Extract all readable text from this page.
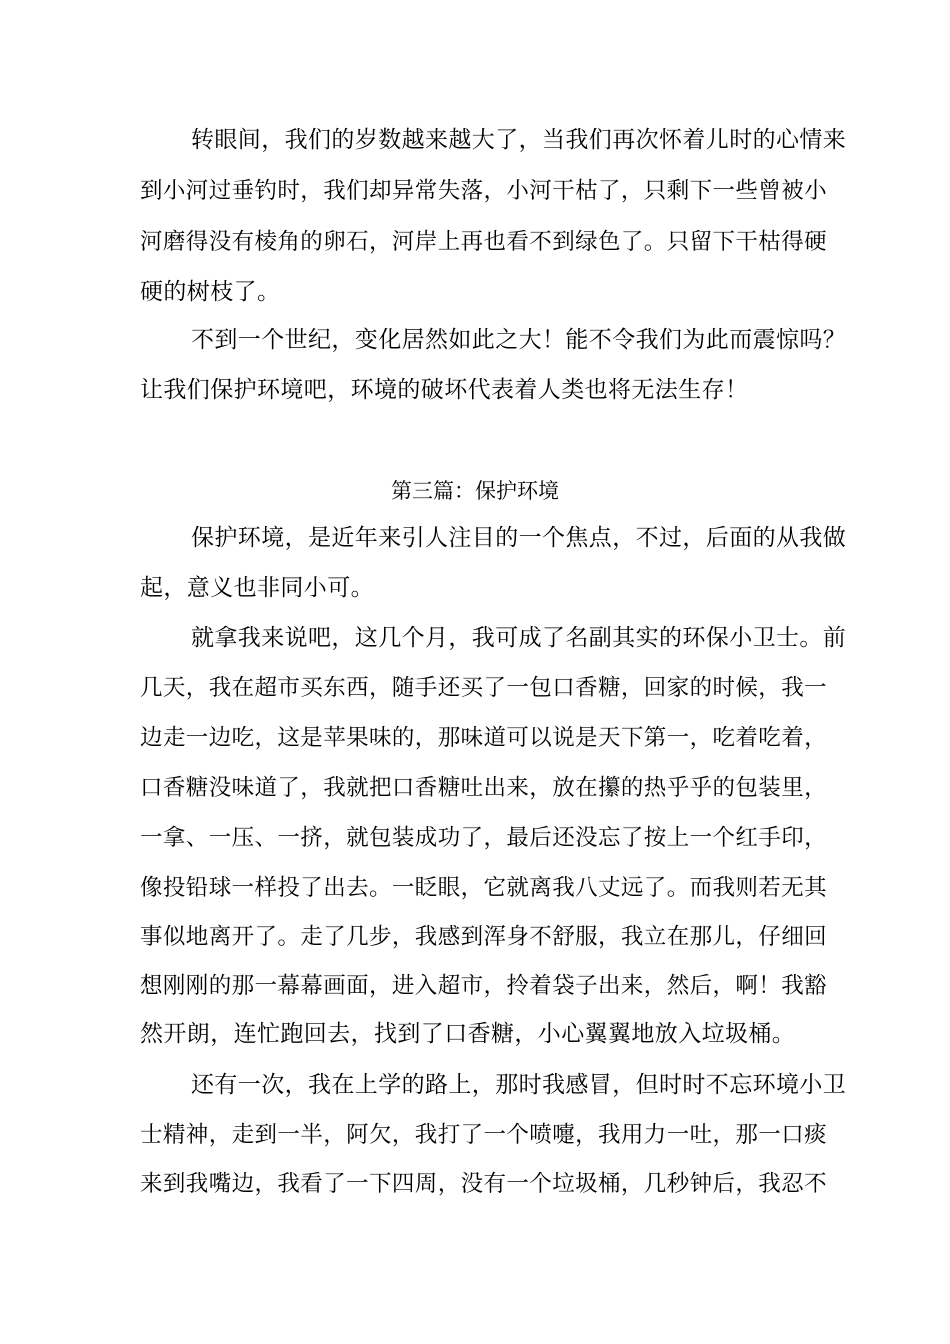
转眼间，我们的岁数越来越大了，当我们再次怀着儿时的心情来
到小河过垂钓时，我们却异常失落，小河干枯了，只剩下一些曾被小
河磨得没有棱角的卵石，河岸上再也看不到绿色了。只留下干枯得硬
硬的树枝了。
不到一个世纪，变化居然如此之大！能不令我们为此而震惊吗？
让我们保护环境吧，环境的破坏代表着人类也将无法生存！
第三篇：保护环境
保护环境，是近年来引人注目的一个焦点，不过，后面的从我做
起，意义也非同小可。
就拿我来说吧，这几个月，我可成了名副其实的环保小卫士。前
几天，我在超市买东西，随手还买了一包口香糖，回家的时候，我一
边走一边吃，这是苹果味的，那味道可以说是天下第一，吃着吃着，
口香糖没味道了，我就把口香糖吐出来，放在攥的热乎乎的包装里，
一拿、一压、一挤，就包装成功了，最后还没忘了按上一个红手印，
像投铅球一样投了出去。一眨眼，它就离我八丈远了。而我则若无其
事似地离开了。走了几步，我感到浑身不舒服，我立在那儿，仔细回
想刚刚的那一幕幕画面，进入超市，拎着袋子出来，然后，啊！我豁
然开朗，连忙跑回去，找到了口香糖，小心翼翼地放入垃圾桶。
还有一次，我在上学的路上，那时我感冒，但时时不忘环境小卫
士精神，走到一半，阿欠，我打了一个喷嚏，我用力一吐，那一口痰
来到我嘴边，我看了一下四周，没有一个垃圾桶，几秒钟后，我忍不
